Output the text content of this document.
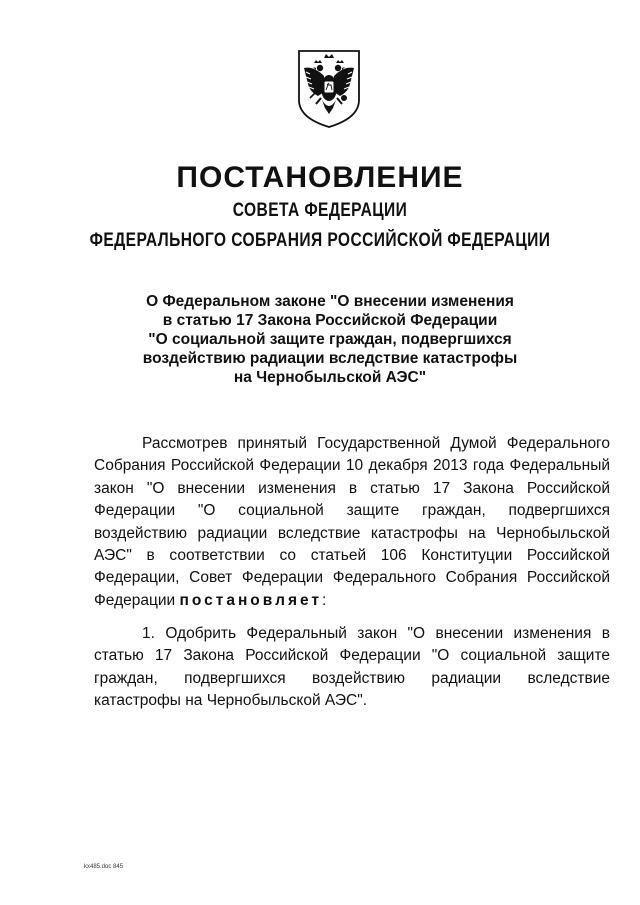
ПОСТАНОВЛЕНИЕ
СОВЕТА ФЕДЕРАЦИИ
ФЕДЕРАЛЬНОГО СОБРАНИЯ РОССИЙСКОЙ ФЕДЕРАЦИИ
О Федеральном законе "О внесении изменения
в статью 17 Закона Российской Федерации
"О социальной защите граждан, подвергшихся
воздействию радиации вследствие катастрофы
на Чернобыльской АЭС"

Рассмотрев принятый Государственной Думой Федерального Собрания Российской Федерации 10 декабря 2013 года Федеральный закон "О внесении изменения в статью 17 Закона Российской Федерации "О социальной защите граждан, подвергшихся воздействию радиации вследствие катастрофы на Чернобыльской АЭС" в соответствии со статьей 106 Конституции Российской Федерации, Совет Федерации Федерального Собрания Российской Федерации постановляет:

1. Одобрить Федеральный закон "О внесении изменения в статью 17 Закона Российской Федерации "О социальной защите граждан, подвергшихся воздействию радиации вследствие катастрофы на Чернобыльской АЭС".

kx485.doc 845
